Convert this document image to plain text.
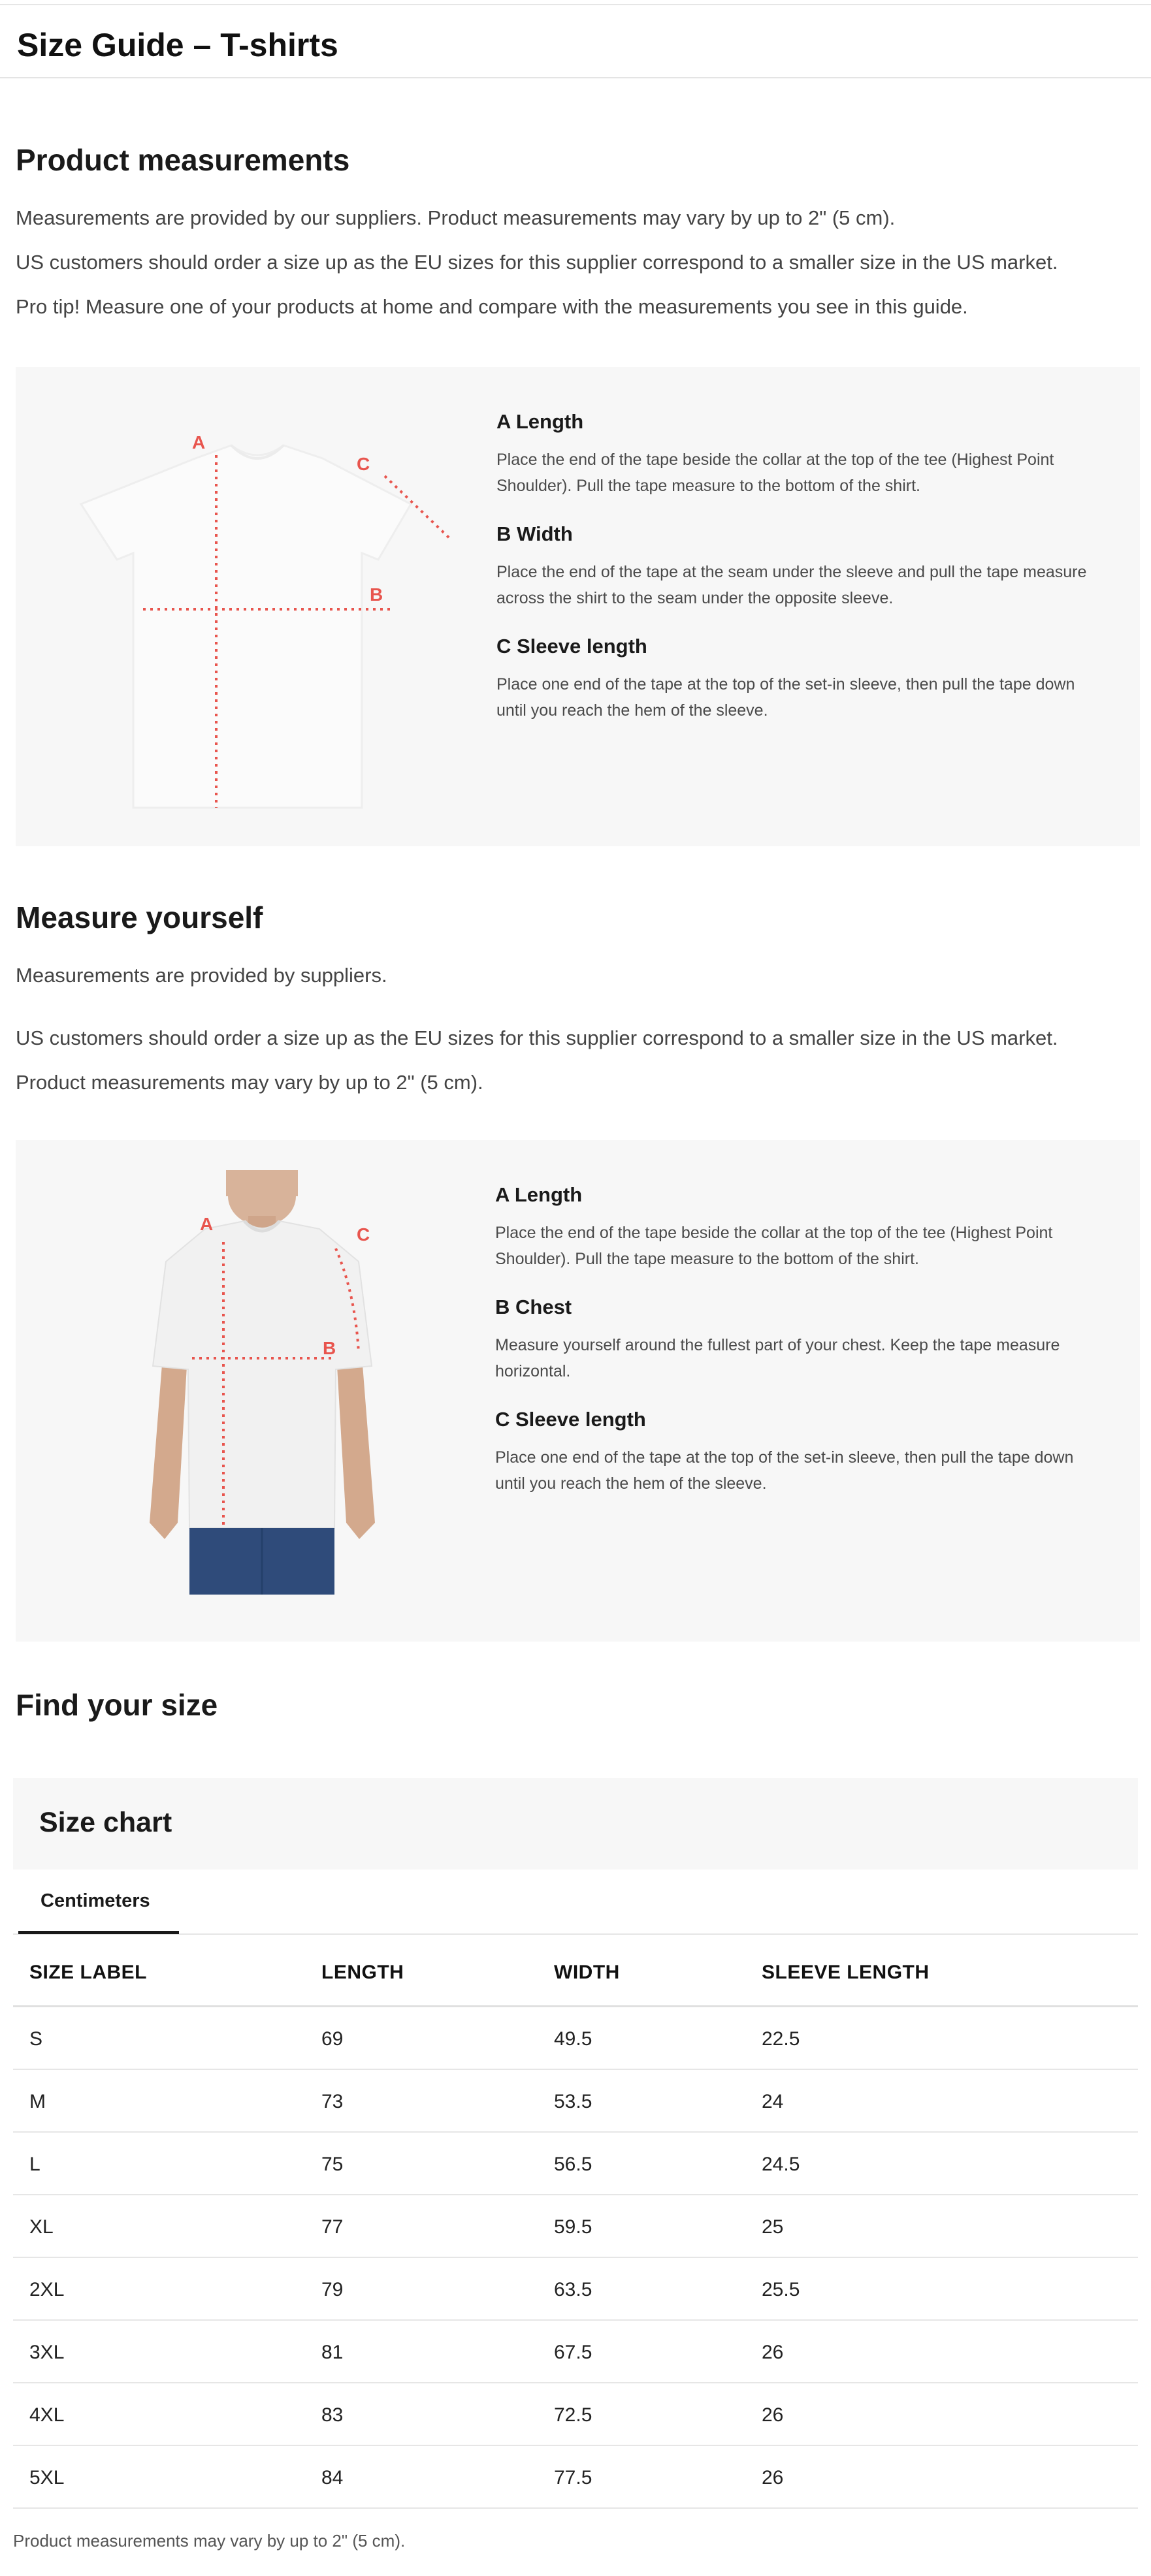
Size Guide – T-shirts
Product measurements

Measurements are provided by our suppliers. Product measurements may vary by up to 2" (5 cm).

US customers should order a size up as the EU sizes for this supplier correspond to a smaller size in the US market.

Pro tip! Measure one of your products at home and compare with the measurements you see in this guide.

A
B
C
A Length
Place the end of the tape beside the collar at the top of the tee (Highest Point Shoulder). Pull the tape measure to the bottom of the shirt.
B Width
Place the end of the tape at the seam under the sleeve and pull the tape measure across the shirt to the seam under the opposite sleeve.
C Sleeve length
Place one end of the tape at the top of the set-in sleeve, then pull the tape down until you reach the hem of the sleeve.
Measure yourself

Measurements are provided by suppliers.

US customers should order a size up as the EU sizes for this supplier correspond to a smaller size in the US market.

Product measurements may vary by up to 2" (5 cm).

A
B
C
A Length
Place the end of the tape beside the collar at the top of the tee (Highest Point Shoulder). Pull the tape measure to the bottom of the shirt.
B Chest
Measure yourself around the fullest part of your chest. Keep the tape measure horizontal.
C Sleeve length
Place one end of the tape at the top of the set-in sleeve, then pull the tape down until you reach the hem of the sleeve.
Find your size
Size chart
Centimeters
SIZE LABEL	LENGTH	WIDTH	SLEEVE LENGTH
S	69	49.5	22.5
M	73	53.5	24
L	75	56.5	24.5
XL	77	59.5	25
2XL	79	63.5	25.5
3XL	81	67.5	26
4XL	83	72.5	26
5XL	84	77.5	26

Product measurements may vary by up to 2" (5 cm).
